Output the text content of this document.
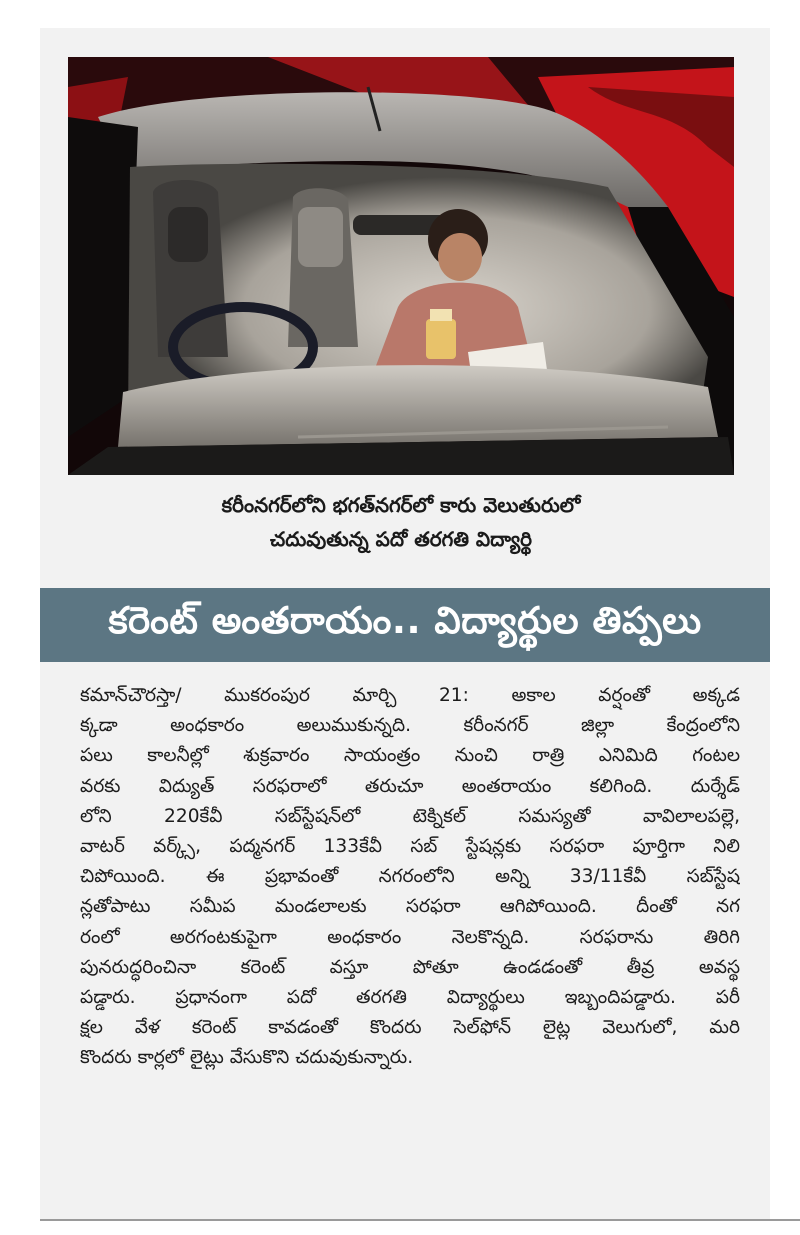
కరీంనగర్‌లోని భగత్‌నగర్‌లో కారు వెలుతురులో
చదువుతున్న పదో తరగతి విద్యార్థి
కరెంట్‌ అంతరాయం.. విద్యార్థుల తిప్పలు
కమాన్‌చౌరస్తా/ ముకరంపుర మార్చి 21: అకాల వర్షంతో అక్కడ
క్కడా అంధకారం అలుముకున్నది. కరీంనగర్‌ జిల్లా కేంద్రంలోని
పలు కాలనీల్లో శుక్రవారం సాయంత్రం నుంచి రాత్రి ఎనిమిది గంటల
వరకు విద్యుత్‌ సరఫరాలో తరుచూ అంతరాయం కలిగింది. దుర్శేడ్‌
లోని 220కేవీ సబ్‌స్టేషన్‌లో టెక్నికల్‌ సమస్యతో వావిలాలపల్లె,
వాటర్‌ వర్క్స్‌, పద్మనగర్‌ 133కేవీ సబ్‌ స్టేషన్లకు సరఫరా పూర్తిగా నిలి
చిపోయింది. ఈ ప్రభావంతో నగరంలోని అన్ని 33/11కేవీ సబ్‌స్టేష
న్లతోపాటు సమీప మండలాలకు సరఫరా ఆగిపోయింది. దీంతో నగ
రంలో అరగంటకుపైగా అంధకారం నెలకొన్నది. సరఫరాను తిరిగి
పునరుద్ధరించినా కరెంట్‌ వస్తూ పోతూ ఉండడంతో తీవ్ర అవస్థ
పడ్డారు. ప్రధానంగా పదో తరగతి విద్యార్థులు ఇబ్బందిపడ్డారు. పరీ
క్షల వేళ కరెంట్‌ కావడంతో కొందరు సెల్‌ఫోన్‌ లైట్ల వెలుగులో, మరి
కొందరు కార్లలో లైట్లు వేసుకొని చదువుకున్నారు.
